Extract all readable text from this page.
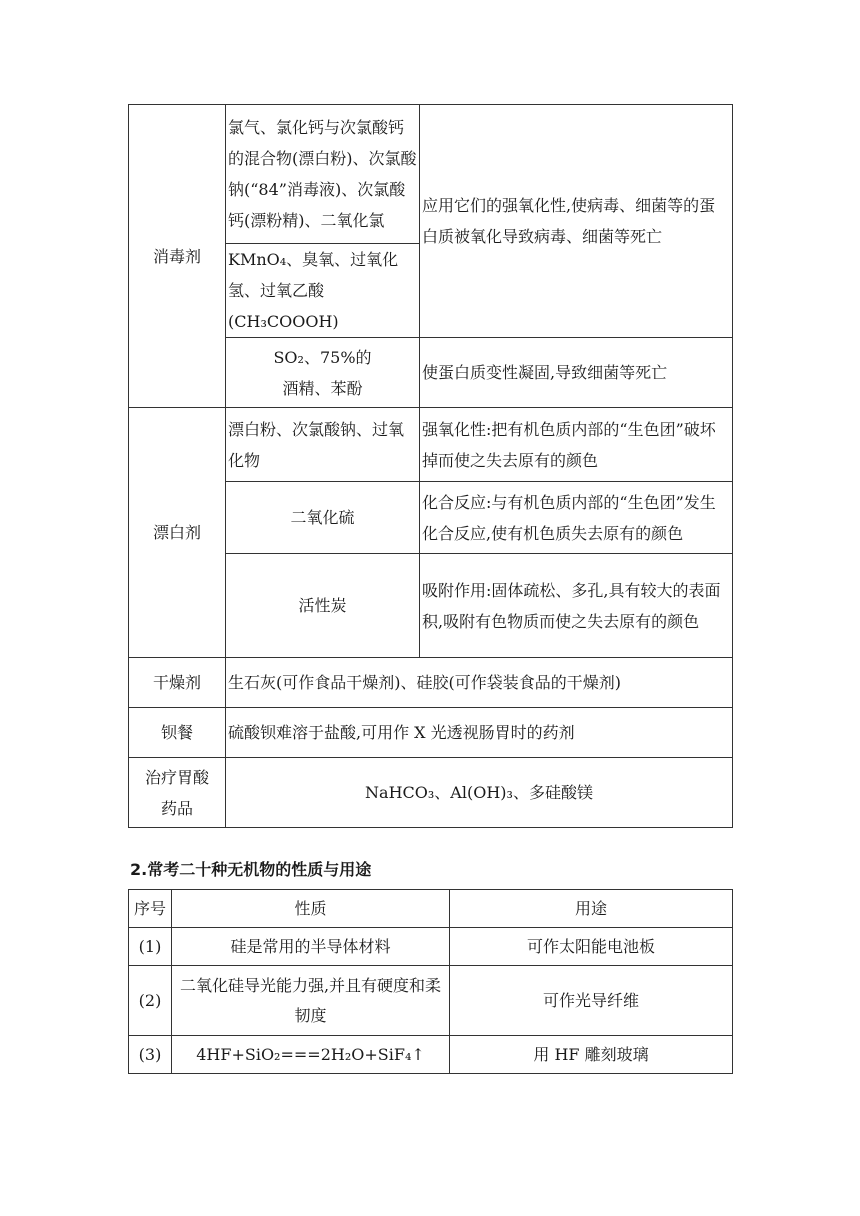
消毒剂	氯气、氯化钙与次氯酸钙的混合物(漂白粉)、次氯酸钠(“84”消毒液)、次氯酸钙(漂粉精)、二氧化氯	应用它们的强氧化性,使病毒、细菌等的蛋白质被氧化导致病毒、细菌等死亡

	KMnO₄、臭氧、过氧化氢、过氧乙酸(CH₃COOOH)	

	SO₂、75%的
酒精、苯酚	使蛋白质变性凝固,导致细菌等死亡

漂白剂	漂白粉、次氯酸钠、过氧化物	强氧化性:把有机色质内部的“生色团”破坏掉而使之失去原有的颜色

	二氧化硫	化合反应:与有机色质内部的“生色团”发生化合反应,使有机色质失去原有的颜色

	活性炭	吸附作用:固体疏松、多孔,具有较大的表面积,吸附有色物质而使之失去原有的颜色

干燥剂	生石灰(可作食品干燥剂)、硅胶(可作袋装食品的干燥剂)	

钡餐	硫酸钡难溶于盐酸,可用作 X 光透视肠胃时的药剂	

治疗胃酸药品	NaHCO₃、Al(OH)₃、多硅酸镁	
2.常考二十种无机物的性质与用途
序号	性质	用途
(1)	硅是常用的半导体材料	可作太阳能电池板
(2)	二氧化硅导光能力强,并且有硬度和柔韧度	可作光导纤维
(3)	4HF+SiO₂===2H₂O+SiF₄↑	用 HF 雕刻玻璃
